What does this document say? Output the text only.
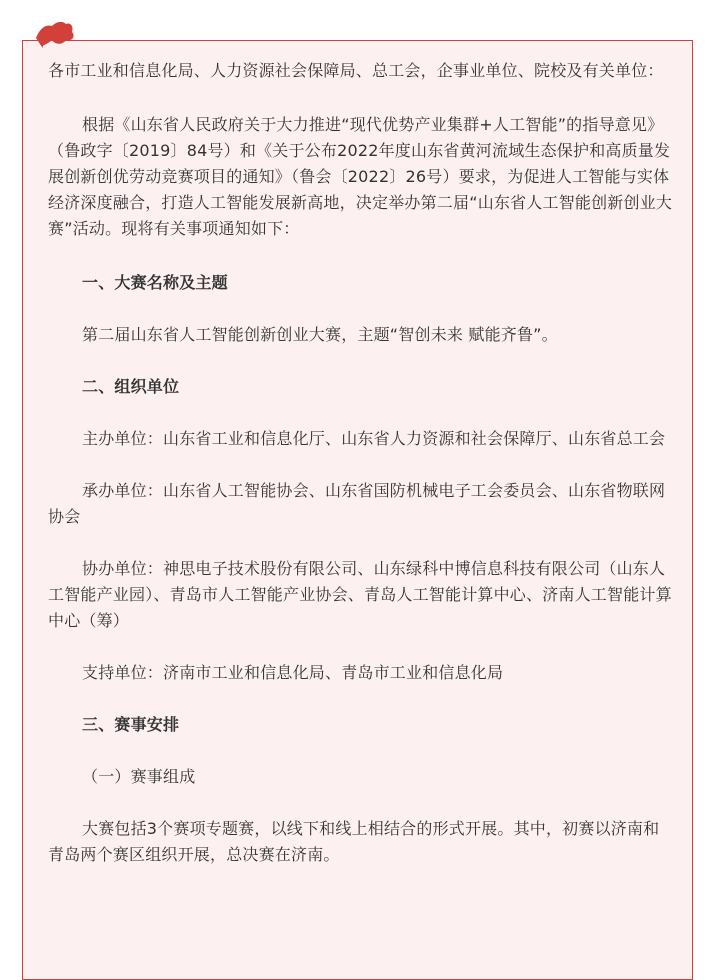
各市工业和信息化局、人力资源社会保障局、总工会，企事业单位、院校及有关单位：

根据《山东省人民政府关于大力推进“现代优势产业集群+人工智能”的指导意见》（鲁政字〔2019〕84号）和《关于公布2022年度山东省黄河流域生态保护和高质量发展创新创优劳动竞赛项目的通知》（鲁会〔2022〕26号）要求，为促进人工智能与实体经济深度融合，打造人工智能发展新高地，决定举办第二届“山东省人工智能创新创业大赛”活动。现将有关事项通知如下：

一、大赛名称及主题

第二届山东省人工智能创新创业大赛，主题“智创未来 赋能齐鲁”。

二、组织单位

主办单位：山东省工业和信息化厅、山东省人力资源和社会保障厅、山东省总工会

承办单位：山东省人工智能协会、山东省国防机械电子工会委员会、山东省物联网协会

协办单位：神思电子技术股份有限公司、山东绿科中博信息科技有限公司（山东人工智能产业园）、青岛市人工智能产业协会、青岛人工智能计算中心、济南人工智能计算中心（筹）

支持单位：济南市工业和信息化局、青岛市工业和信息化局

三、赛事安排

（一）赛事组成

大赛包括3个赛项专题赛，以线下和线上相结合的形式开展。其中，初赛以济南和青岛两个赛区组织开展，总决赛在济南。
